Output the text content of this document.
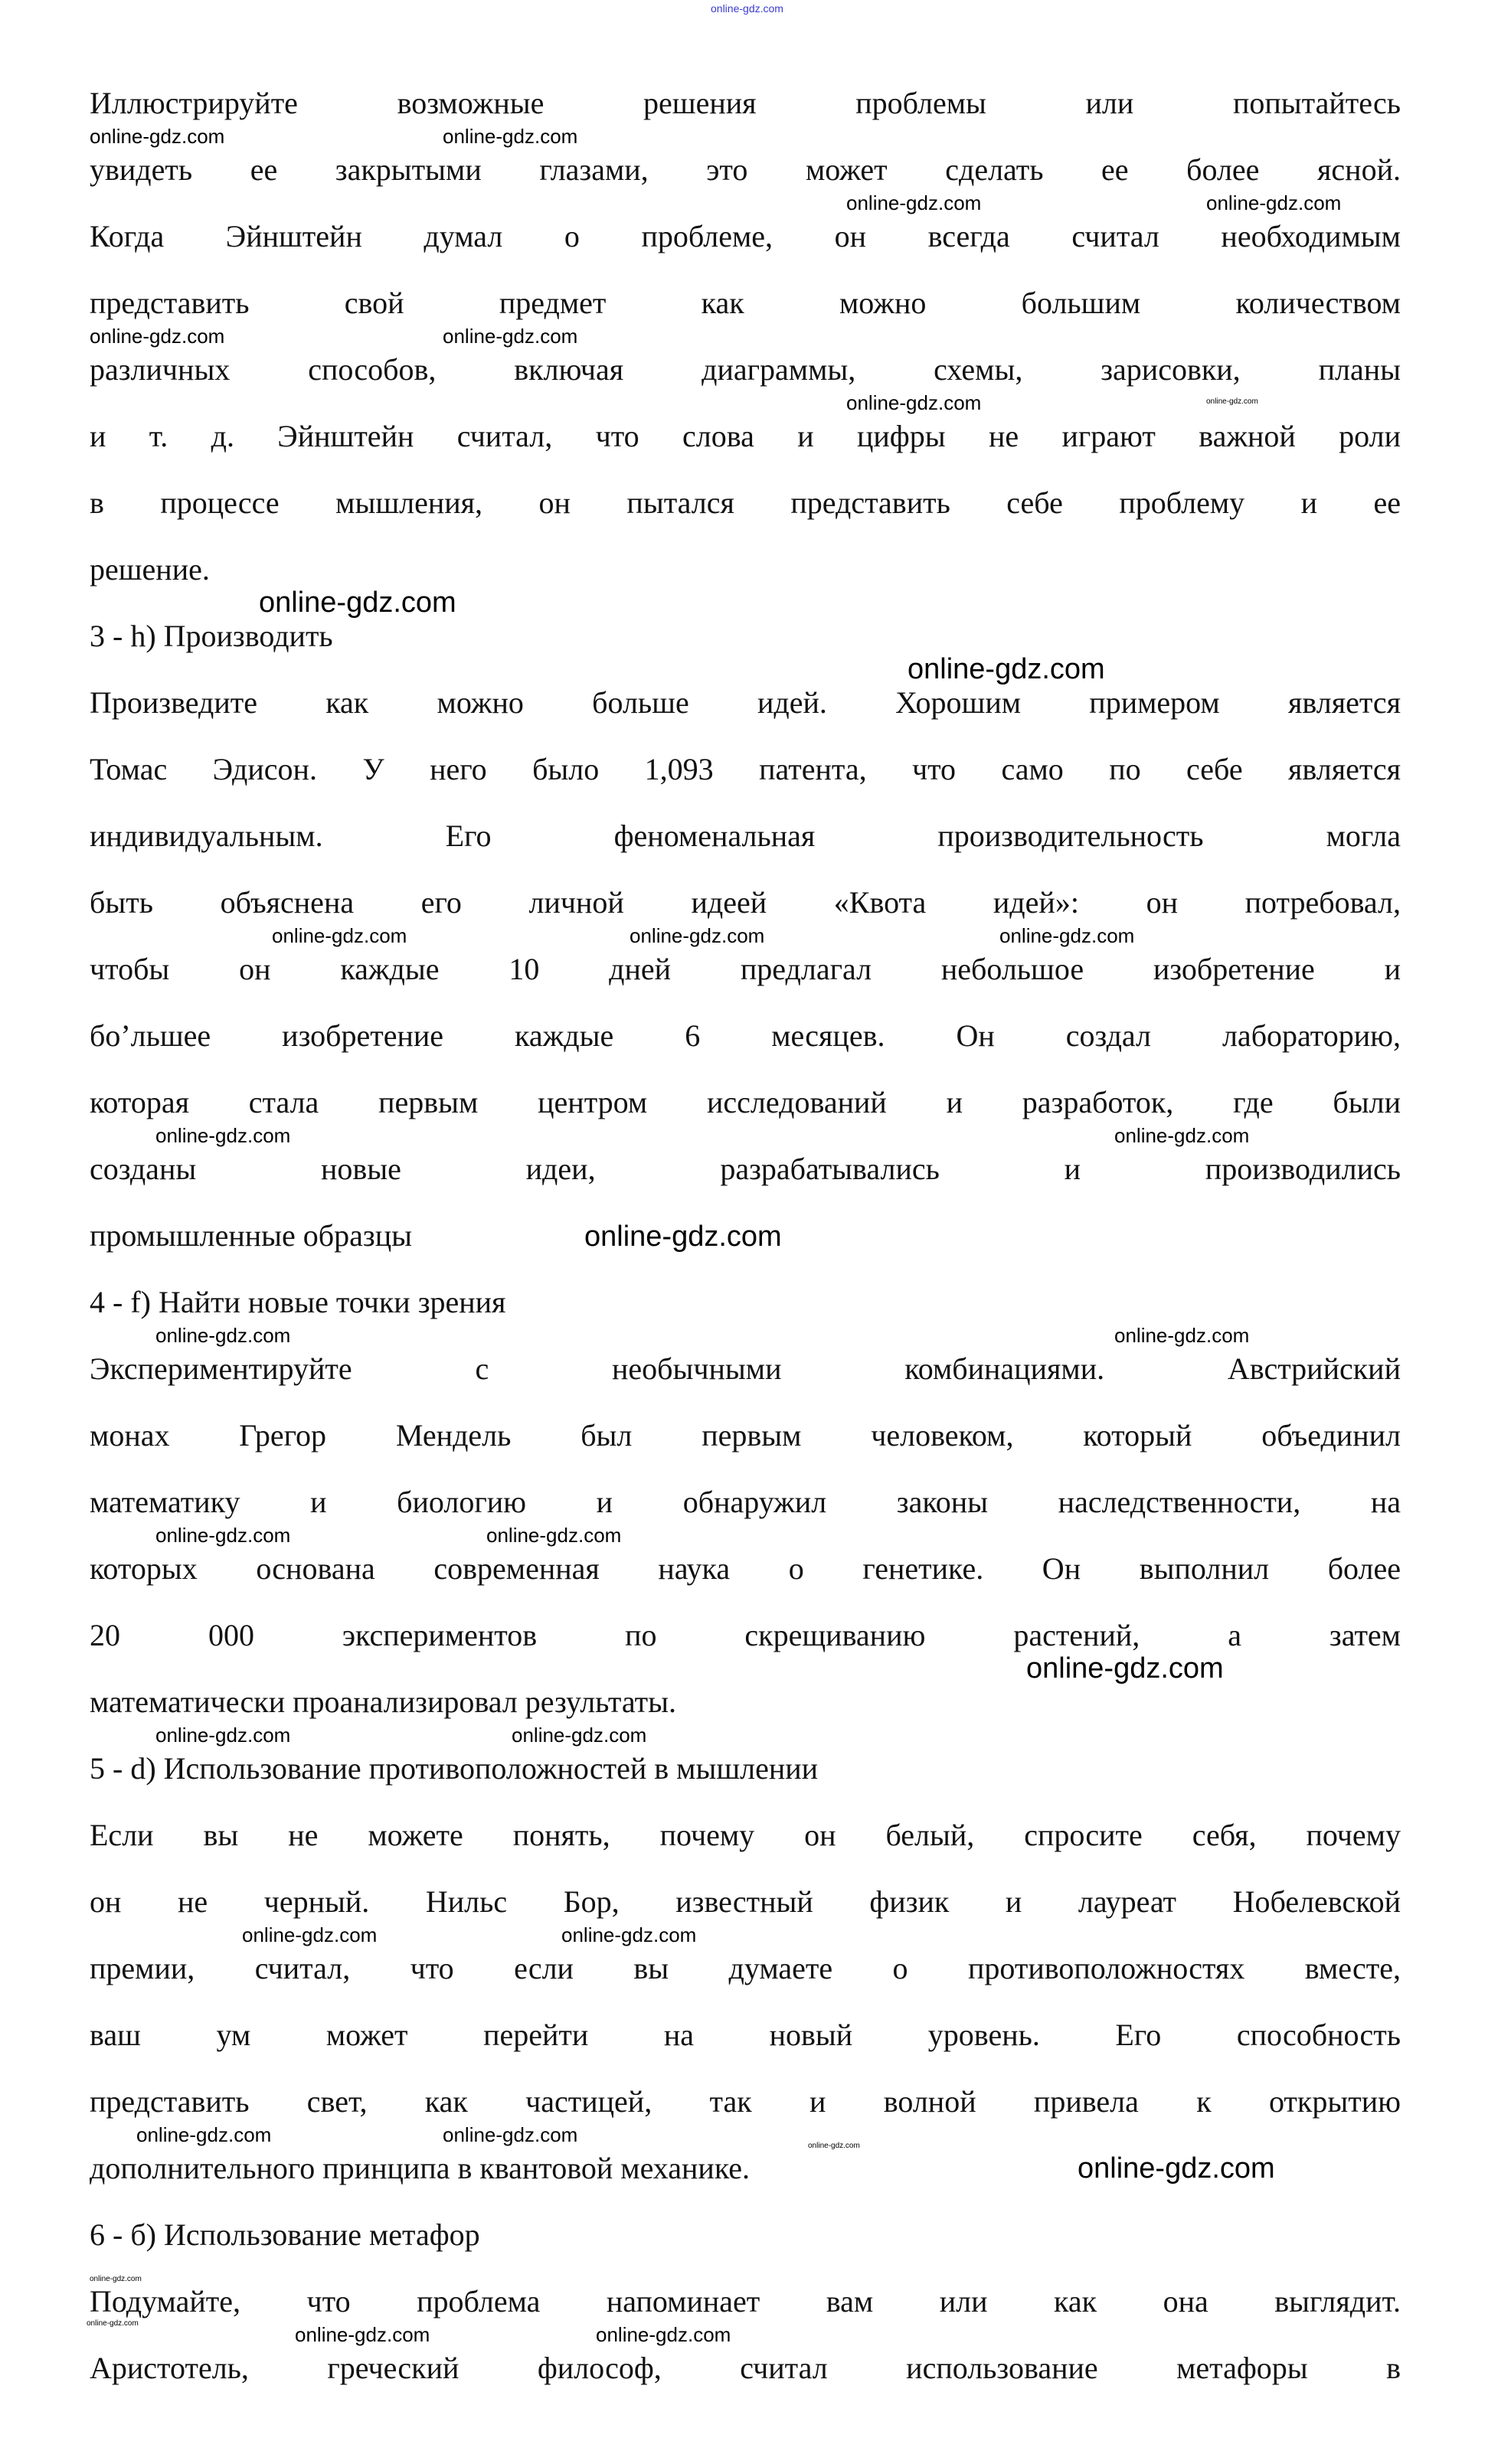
online-gdz.com
Иллюстрируйте возможные решения проблемы или попытайтесь
увидеть ее закрытыми глазами, это может сделать ее более ясной.
Когда Эйнштейн думал о проблеме, он всегда считал необходимым
представить свой предмет как можно большим количеством
различных способов, включая диаграммы, схемы, зарисовки, планы
и т. д. Эйнштейн считал, что слова и цифры не играют важной роли
в процессе мышления, он пытался представить себе проблему и ее
решение.
3 - h) Производить
Произведите как можно больше идей. Хорошим примером является
Томас Эдисон. У него было 1,093 патента, что само по себе является
индивидуальным. Его феноменальная производительность могла
быть объяснена его личной идеей «Квота идей»: он потребовал,
чтобы он каждые 10 дней предлагал небольшое изобретение и
бо’льшее изобретение каждые 6 месяцев. Он создал лабораторию,
которая стала первым центром исследований и разработок, где были
созданы новые идеи, разрабатывались и производились
промышленные образцы
4 - f) Найти новые точки зрения
Экспериментируйте с необычными комбинациями. Австрийский
монах Грегор Мендель был первым человеком, который объединил
математику и биологию и обнаружил законы наследственности, на
которых основана современная наука о генетике. Он выполнил более
20 000 экспериментов по скрещиванию растений, а затем
математически проанализировал результаты.
5 - d) Использование противоположностей в мышлении
Если вы не можете понять, почему он белый, спросите себя, почему
он не черный. Нильс Бор, известный физик и лауреат Нобелевской
премии, считал, что если вы думаете о противоположностях вместе,
ваш ум может перейти на новый уровень. Его способность
представить свет, как частицей, так и волной привела к открытию
дополнительного принципа в квантовой механике.
6 - б) Использование метафор
Подумайте, что проблема напоминает вам или как она выглядит.
Аристотель, греческий философ, считал использование метафоры в
online-gdz.com	online-gdz.com
online-gdz.com	online-gdz.com
online-gdz.com	online-gdz.com
online-gdz.com	online-gdz.com
online-gdz.com
online-gdz.com
online-gdz.com	online-gdz.com	online-gdz.com
online-gdz.com	online-gdz.com
online-gdz.com
online-gdz.com
online-gdz.com
online-gdz.com
online-gdz.com
online-gdz.com
online-gdz.com	online-gdz.com
online-gdz.com	online-gdz.com
online-gdz.com	online-gdz.com	online-gdz.com
online-gdz.com
online-gdz.com
online-gdz.com	online-gdz.com	online-gdz.com
